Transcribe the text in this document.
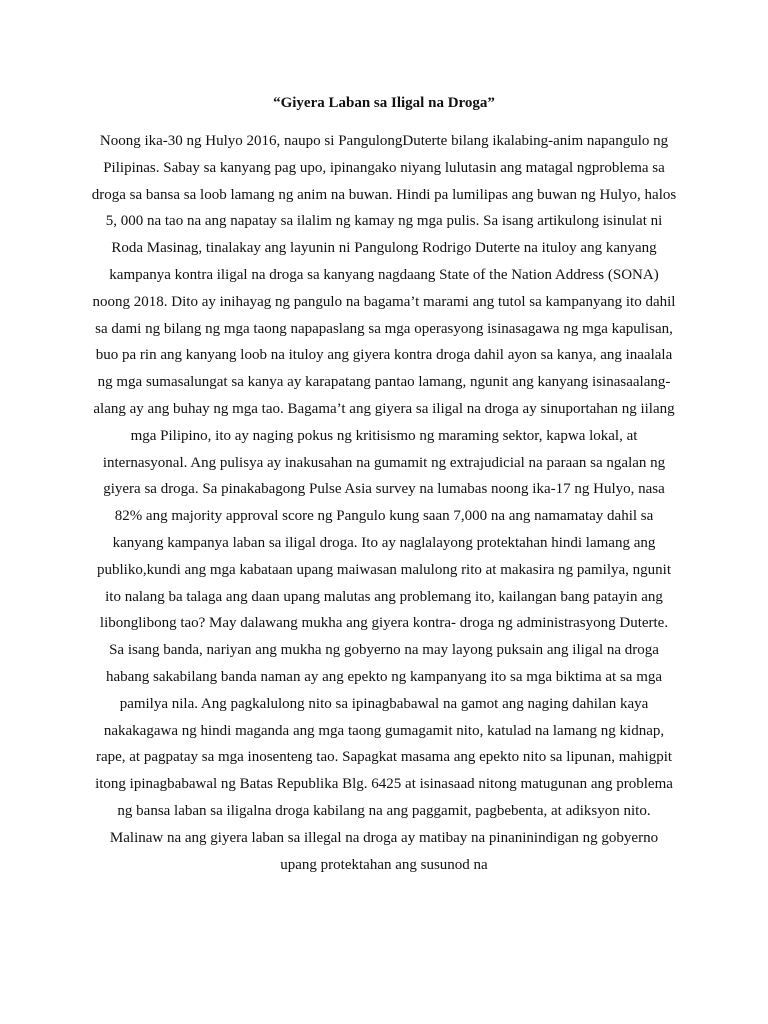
“Giyera Laban sa Iligal na Droga”

Noong ika-30 ng Hulyo 2016, naupo si PangulongDuterte bilang ikalabing-anim napangulo ng
Pilipinas. Sabay sa kanyang pag upo, ipinangako niyang lulutasin ang matagal ngproblema sa
droga sa bansa sa loob lamang ng anim na buwan. Hindi pa lumilipas ang buwan ng Hulyo, halos
5, 000 na tao na ang napatay sa ilalim ng kamay ng mga pulis. Sa isang artikulong isinulat ni
Roda Masinag, tinalakay ang layunin ni Pangulong Rodrigo Duterte na ituloy ang kanyang
kampanya kontra iligal na droga sa kanyang nagdaang State of the Nation Address (SONA)
noong 2018. Dito ay inihayag ng pangulo na bagama’t marami ang tutol sa kampanyang ito dahil
sa dami ng bilang ng mga taong napapaslang sa mga operasyong isinasagawa ng mga kapulisan,
buo pa rin ang kanyang loob na ituloy ang giyera kontra droga dahil ayon sa kanya, ang inaalala
ng mga sumasalungat sa kanya ay karapatang pantao lamang, ngunit ang kanyang isinasaalang-
alang ay ang buhay ng mga tao. Bagama’t ang giyera sa iligal na droga ay sinuportahan ng iilang
mga Pilipino, ito ay naging pokus ng kritisismo ng maraming sektor, kapwa lokal, at
internasyonal. Ang pulisya ay inakusahan na gumamit ng extrajudicial na paraan sa ngalan ng
giyera sa droga. Sa pinakabagong Pulse Asia survey na lumabas noong ika-17 ng Hulyo, nasa
82% ang majority approval score ng Pangulo kung saan 7,000 na ang namamatay dahil sa
kanyang kampanya laban sa iligal droga. Ito ay naglalayong protektahan hindi lamang ang
publiko,kundi ang mga kabataan upang maiwasan malulong rito at makasira ng pamilya, ngunit
ito nalang ba talaga ang daan upang malutas ang problemang ito, kailangan bang patayin ang
libonglibong tao? May dalawang mukha ang giyera kontra- droga ng administrasyong Duterte.
Sa isang banda, nariyan ang mukha ng gobyerno na may layong puksain ang iligal na droga
habang sakabilang banda naman ay ang epekto ng kampanyang ito sa mga biktima at sa mga
pamilya nila. Ang pagkalulong nito sa ipinagbabawal na gamot ang naging dahilan kaya
nakakagawa ng hindi maganda ang mga taong gumagamit nito, katulad na lamang ng kidnap,
rape, at pagpatay sa mga inosenteng tao. Sapagkat masama ang epekto nito sa lipunan, mahigpit
itong ipinagbabawal ng Batas Republika Blg. 6425 at isinasaad nitong matugunan ang problema
ng bansa laban sa iligalna droga kabilang na ang paggamit, pagbebenta, at adiksyon nito.
Malinaw na ang giyera laban sa illegal na droga ay matibay na pinaninindigan ng gobyerno
upang protektahan ang susunod na
